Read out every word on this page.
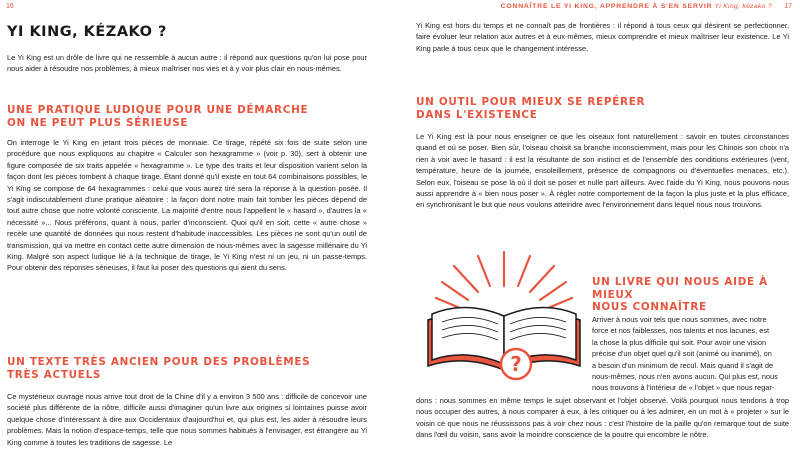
16	CONNAÎTRE LE YI KING, APPRENDRE À S'EN SERVIR Yi King, kézako ? 17
YI KING, KÉZAKO ?
Le Yi King est un drôle de livre qui ne ressemble à aucun autre : il répond aux questions qu'on lui pose pour nous aider à résoudre nos problèmes, à mieux maîtriser nos vies et à y voir plus clair en nous-mêmes.
UNE PRATIQUE LUDIQUE POUR UNE DÉMARCHE
ON NE PEUT PLUS SÉRIEUSE
On interroge le Yi King en jetant trois pièces de monnaie. Ce tirage, répété six fois de suite selon une procédure que nous expliquons au chapitre « Calculer son hexagramme » (voir p. 30), sert à obtenir une figure composée de six traits appelée « hexagramme ». Le type des traits et leur disposition varient selon la façon dont les pièces tombent à chaque tirage. Étant donné qu'il existe en tout 64 combinaisons possibles, le Yi King se compose de 64 hexagrammes : celui que vous aurez tiré sera la réponse à la question posée. Il s'agit indiscutablement d'une pratique aléatoire : la façon dont notre main fait tomber les pièces dépend de tout autre chose que notre volonté consciente. La majorité d'entre nous l'appellent le « hasard », d'autres la « nécessité »... Nous préférons, quant à nous, parler d'inconscient. Quoi qu'il en soit, cette « autre chose » recèle une quantité de données qui nous restent d'habitude inaccessibles. Les pièces ne sont qu'un outil de transmission, qui va mettre en contact cette autre dimension de nous-mêmes avec la sagesse millénaire du Yi King. Malgré son aspect ludique lié à la technique de tirage, le Yi King n'est ni un jeu, ni un passe-temps. Pour obtenir des réponses sérieuses, il faut lui poser des questions qui aient du sens.
UN TEXTE TRÈS ANCIEN POUR DES PROBLÈMES
TRÈS ACTUELS
Ce mystérieux ouvrage nous arrive tout droit de la Chine d'il y a environ 3 500 ans : difficile de concevoir une société plus différente de la nôtre, difficile aussi d'imaginer qu'un livre aux origines si lointaines puisse avoir quelque chose d'intéressant à dire aux Occidentaux d'aujourd'hui et, qui plus est, les aider à résoudre leurs problèmes. Mais la notion d'espace-temps, telle que nous sommes habitués à l'envisager, est étrangère au Yi King comme à toutes les traditions de sagesse. Le
Yi King est hors du temps et ne connaît pas de frontières : il répond à tous ceux qui désirent se perfectionner, faire évoluer leur relation aux autres et à eux-mêmes, mieux comprendre et mieux maîtriser leur existence. Le Yi King parle à tous ceux que le changement intéresse.
UN OUTIL POUR MIEUX SE REPÉRER
DANS L'EXISTENCE
Le Yi King est là pour nous enseigner ce que les oiseaux font naturellement : savoir en toutes circonstances quand et où se poser. Bien sûr, l'oiseau choisit sa branche inconsciemment, mais pour les Chinois son choix n'a rien à voir avec le hasard : il est la résultante de son instinct et de l'ensemble des conditions extérieures (vent, température, heure de la journée, ensoleillement, présence de compagnons ou d'éventuelles menaces, etc.). Selon eux, l'oiseau se pose là où il doit se poser et nulle part ailleurs. Avec l'aide du Yi King, nous pouvons nous aussi apprendre à « bien nous poser ». À régler notre comportement de la façon la plus juste et la plus efficace, en synchronisant le but que nous voulons atteindre avec l'environnement dans lequel nous nous trouvons.
UN LIVRE QUI NOUS AIDE À MIEUX
NOUS CONNAÎTRE
?
Arriver à nous voir tels que nous sommes, avec notre
force et nos faiblesses, nos talents et nos lacunes, est
la chose la plus difficile qui soit. Pour avoir une vision
précise d'un objet quel qu'il soit (animé ou inanimé), on
a besoin d'un minimum de recul. Mais quand il s'agit de
nous-mêmes, nous n'en avons aucun. Qui plus est, nous
nous trouvons à l'intérieur de « l'objet » que nous regar-
dons : nous sommes en même temps le sujet observant et l'objet observé. Voilà pourquoi nous tendons à trop nous occuper des autres, à nous comparer à eux, à les critiquer ou à les admirer, en un mot à « projeter » sur le voisin ce que nous ne réussissons pas à voir chez nous : c'est l'histoire de la paille qu'on remarque tout de suite dans l'œil du voisin, sans avoir la moindre conscience de la poutre qui encombre le nôtre.
